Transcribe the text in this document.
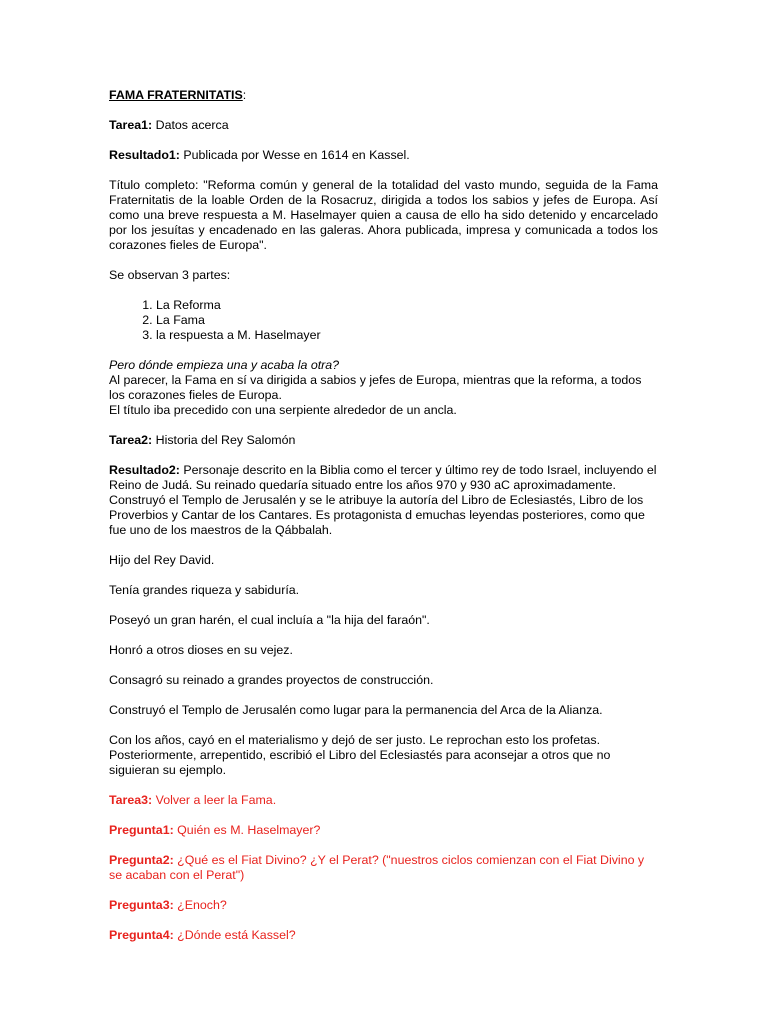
FAMA FRATERNITATIS:

Tarea1: Datos acerca

Resultado1: Publicada por Wesse en 1614 en Kassel.

Título completo: "Reforma común y general de la totalidad del vasto mundo, seguida de la Fama Fraternitatis de la loable Orden de la Rosacruz, dirigida a todos los sabios y jefes de Europa. Así como una breve respuesta a M. Haselmayer quien a causa de ello ha sido detenido y encarcelado por los jesuítas y encadenado en las galeras. Ahora publicada, impresa y comunicada a todos los corazones fieles de Europa".

Se observan 3 partes:

1. La Reforma
2. La Fama
3. la respuesta a M. Haselmayer

Pero dónde empieza una y acaba la otra?
Al parecer, la Fama en sí va dirigida a sabios y jefes de Europa, mientras que la reforma, a todos los corazones fieles de Europa.
El título iba precedido con una serpiente alrededor de un ancla.

Tarea2: Historia del Rey Salomón

Resultado2: Personaje descrito en la Biblia como el tercer y último rey de todo Israel, incluyendo el Reino de Judá. Su reinado quedaría situado entre los años 970 y 930 aC aproximadamente.
Construyó el Templo de Jerusalén y se le atribuye la autoría del Libro de Eclesiastés, Libro de los Proverbios y Cantar de los Cantares. Es protagonista d emuchas leyendas posteriores, como que fue uno de los maestros de la Qábbalah.

Hijo del Rey David.

Tenía grandes riqueza y sabiduría.

Poseyó un gran harén, el cual incluía a "la hija del faraón".

Honró a otros dioses en su vejez.

Consagró su reinado a grandes proyectos de construcción.

Construyó el Templo de Jerusalén como lugar para la permanencia del Arca de la Alianza.

Con los años, cayó en el materialismo y dejó de ser justo. Le reprochan esto los profetas. Posteriormente, arrepentido, escribió el Libro del Eclesiastés para aconsejar a otros que no siguieran su ejemplo.

Tarea3: Volver a leer la Fama.

Pregunta1: Quién es M. Haselmayer?

Pregunta2: ¿Qué es el Fiat Divino? ¿Y el Perat? ("nuestros ciclos comienzan con el Fiat Divino y se acaban con el Perat")

Pregunta3: ¿Enoch?

Pregunta4: ¿Dónde está Kassel?
